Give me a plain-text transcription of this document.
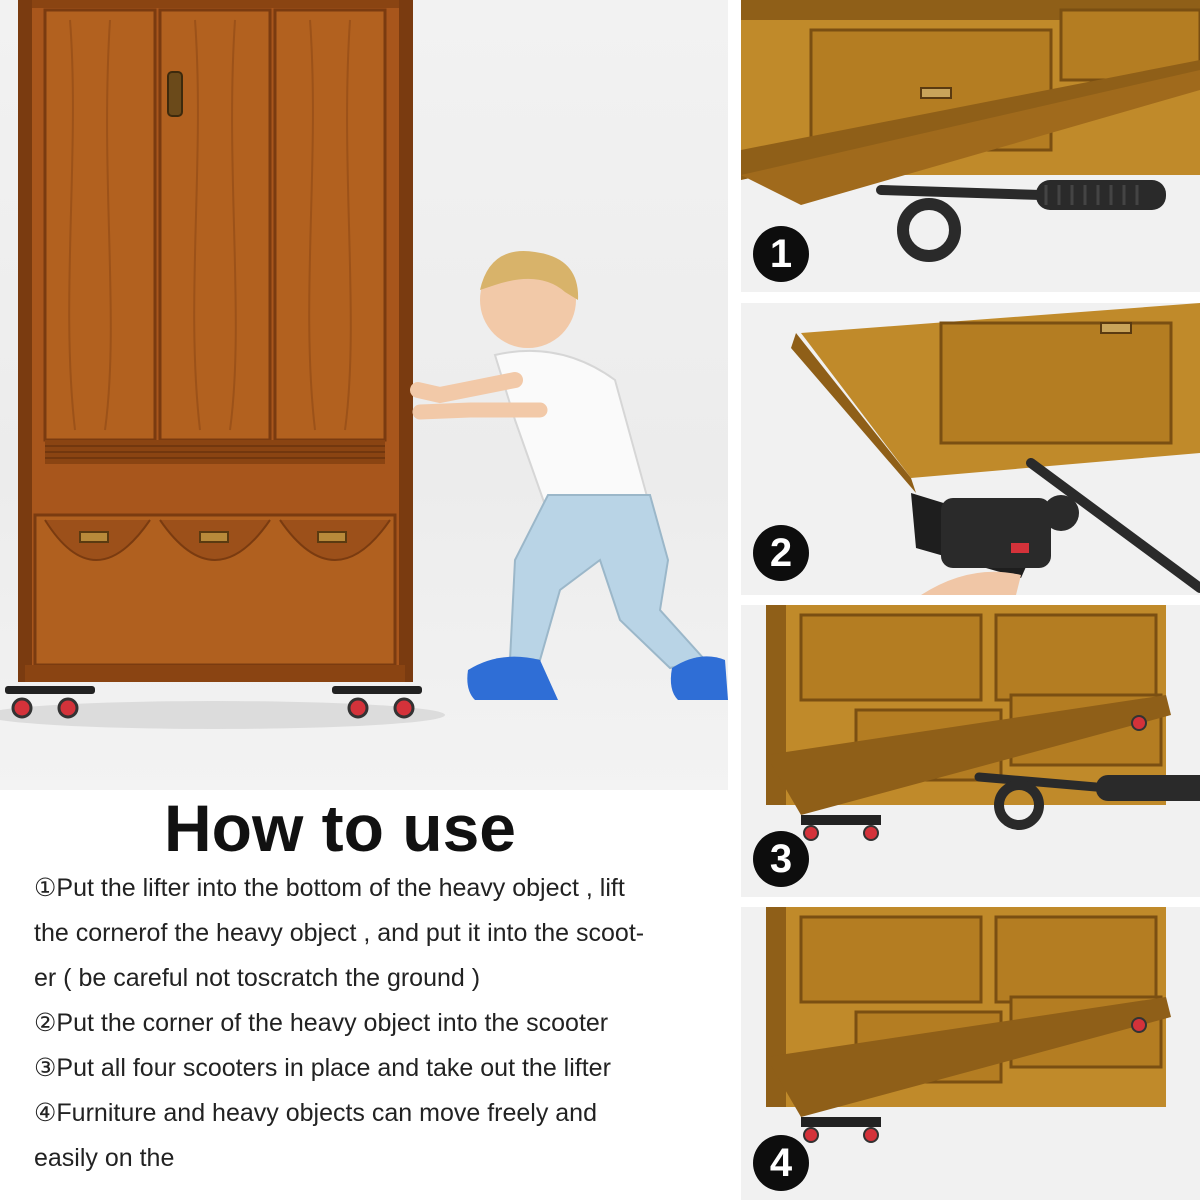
How to use
①Put the lifter into the bottom of the heavy object , lift
the cornerof the heavy object , and put it into the scoot-
er ( be careful not toscratch the ground )
②Put the corner of the heavy object into the scooter
③Put all four scooters in place and take out the lifter
④Furniture and heavy objects can move freely and
easily on the
1
2
3
4
